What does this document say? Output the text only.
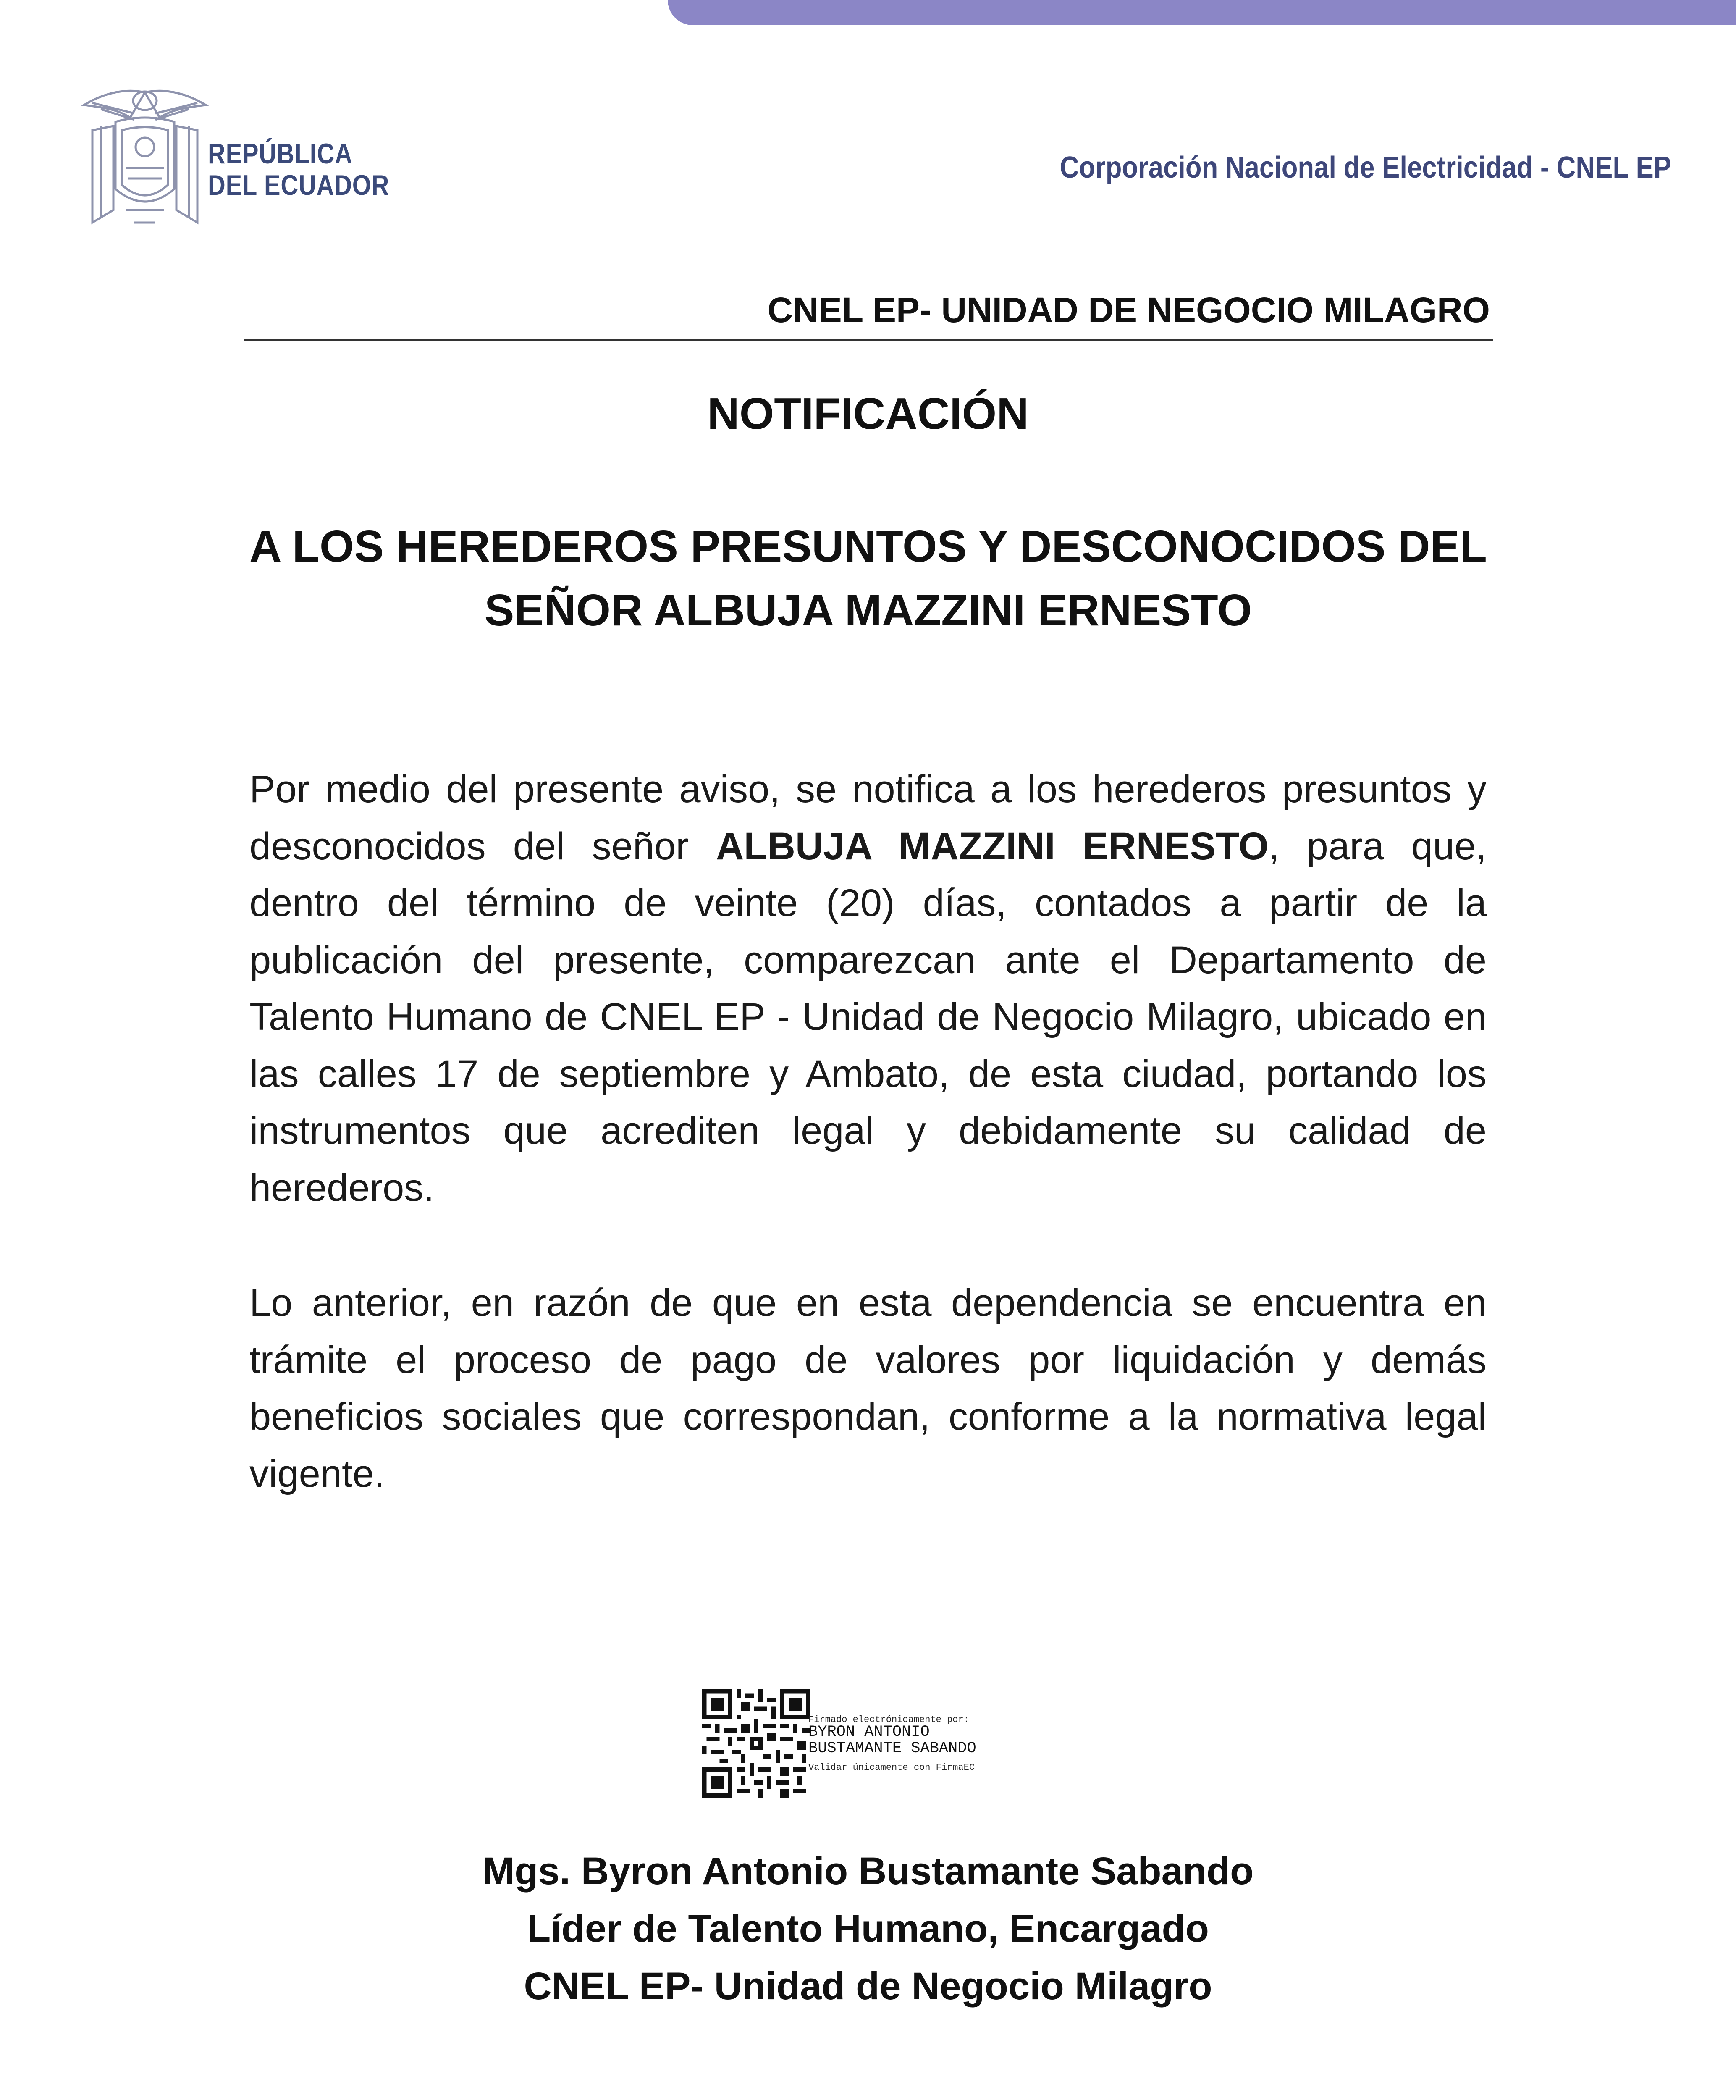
REPÚBLICA
DEL ECUADOR
Corporación Nacional de Electricidad - CNEL EP
CNEL EP- UNIDAD DE NEGOCIO MILAGRO
NOTIFICACIÓN
A LOS HEREDEROS PRESUNTOS Y DESCONOCIDOS DEL
SEÑOR ALBUJA MAZZINI ERNESTO
Por medio del presente aviso, se notifica a los herederos presuntos y desconocidos del señor ALBUJA MAZZINI ERNESTO, para que, dentro del término de veinte (20) días, contados a partir de la publicación del presente, comparezcan ante el Departamento de Talento Humano de CNEL EP - Unidad de Negocio Milagro, ubicado en las calles 17 de septiembre y Ambato, de esta ciudad, portando los instrumentos que acrediten legal y debidamente su calidad de herederos.
Lo anterior, en razón de que en esta dependencia se encuentra en trámite el proceso de pago de valores por liquidación y demás beneficios sociales que correspondan, conforme a la normativa legal vigente.
Firmado electrónicamente por:
BYRON ANTONIO
BUSTAMANTE SABANDO
Validar únicamente con FirmaEC
Mgs. Byron Antonio Bustamante Sabando
Líder de Talento Humano, Encargado
CNEL EP- Unidad de Negocio Milagro
